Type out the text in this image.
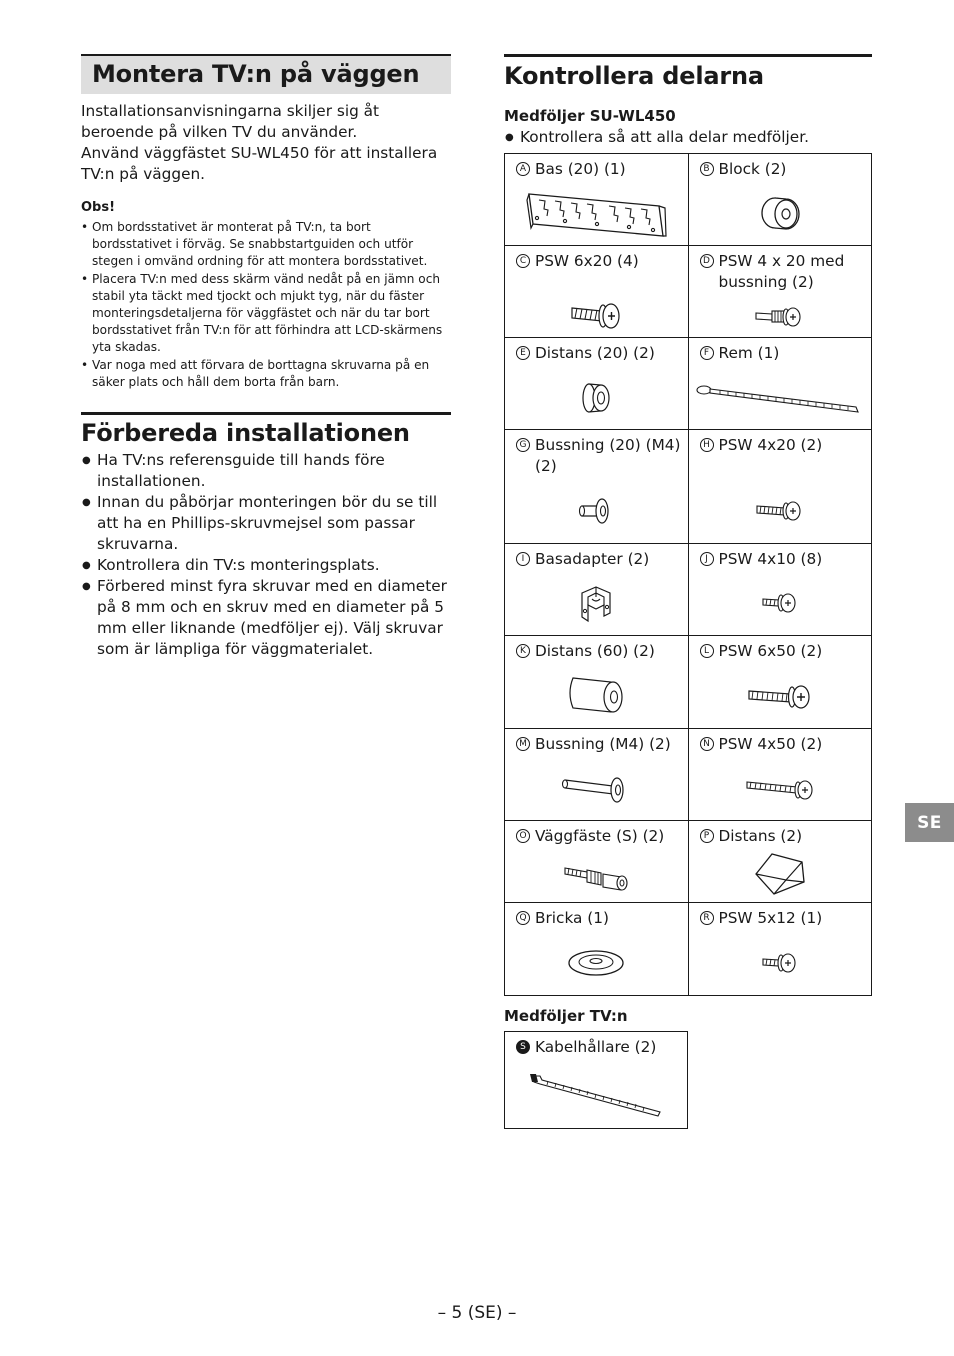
Montera TV:n på väggen

Installationsanvisningarna skiljer sig åt beroende på vilken TV du använder.

Använd väggfästet SU-WL450 för att installera TV:n på väggen.

Obs!

• Om bordsstativet är monterat på TV:n, ta bort bordsstativet i förväg. Se snabbstartguiden och utför stegen i omvänd ordning för att montera bordsstativet.
• Placera TV:n med dess skärm vänd nedåt på en jämn och stabil yta täckt med tjockt och mjukt tyg, när du fäster monteringsdetaljerna för väggfästet och när du tar bort bordsstativet från TV:n för att förhindra att LCD-skärmens yta skadas.
• Var noga med att förvara de borttagna skruvarna på en säker plats och håll dem borta från barn.
Förbereda installationen
● Ha TV:ns referensguide till hands före installationen.
● Innan du påbörjar monteringen bör du se till att ha en Phillips-skruvmejsel som passar skruvarna.
● Kontrollera din TV:s monteringsplats.
● Förbered minst fyra skruvar med en diameter på 8 mm och en skruv med en diameter på 5 mm eller liknande (medföljer ej). Välj skruvar som är lämpliga för väggmaterialet.
Kontrollera delarna

Medföljer SU-WL450

● Kontrollera så att alla delar medföljer.

A Bas (20) (1)	B Block (2)

C PSW 6x20 (4)	D PSW 4 x 20 med bussning (2)

E Distans (20) (2)	F Rem (1)

G Bussning (20) (M4) (2)	H PSW 4x20 (2)

I Basadapter (2)	J PSW 4x10 (8)

K Distans (60) (2)	L PSW 6x50 (2)

M Bussning (M4) (2)	N PSW 4x50 (2)

O Väggfäste (S) (2)	P Distans (2)

Q Bricka (1)	R PSW 5x12 (1)

Medföljer TV:n

S Kabelhållare (2)
SE
– 5 (SE) –
